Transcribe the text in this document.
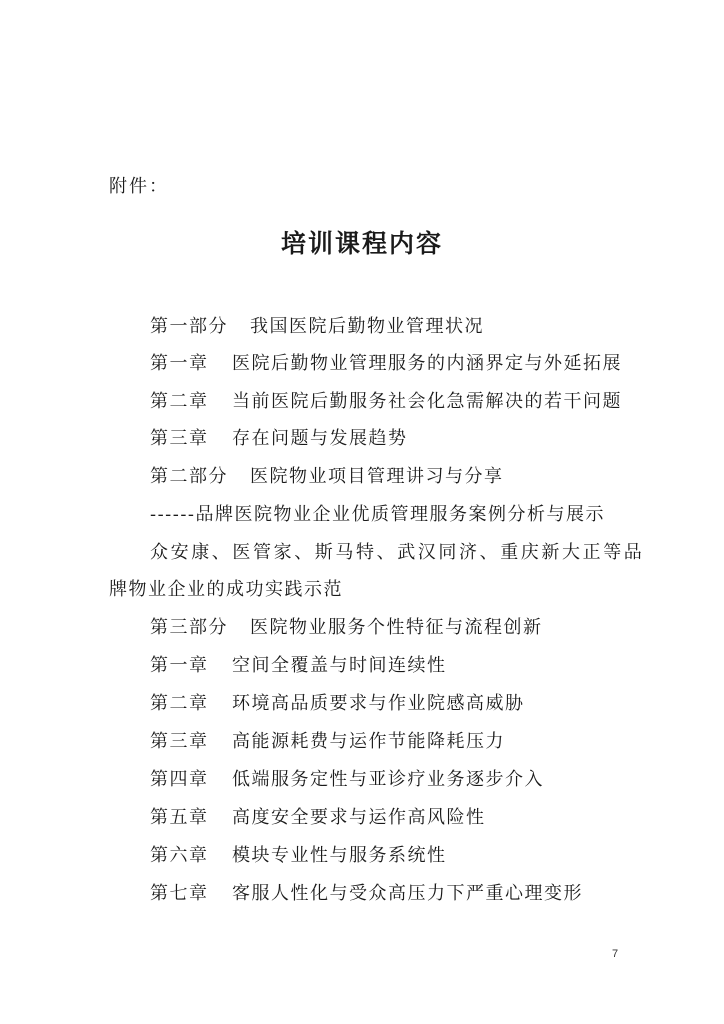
附件：
培训课程内容
第一部分 我国医院后勤物业管理状况
第一章 医院后勤物业管理服务的内涵界定与外延拓展
第二章 当前医院后勤服务社会化急需解决的若干问题
第三章 存在问题与发展趋势
第二部分 医院物业项目管理讲习与分享
------品牌医院物业企业优质管理服务案例分析与展示
众安康、医管家、斯马特、武汉同济、重庆新大正等品
牌物业企业的成功实践示范
第三部分 医院物业服务个性特征与流程创新
第一章 空间全覆盖与时间连续性
第二章 环境高品质要求与作业院感高威胁
第三章 高能源耗费与运作节能降耗压力
第四章 低端服务定性与亚诊疗业务逐步介入
第五章 高度安全要求与运作高风险性
第六章 模块专业性与服务系统性
第七章 客服人性化与受众高压力下严重心理变形
7
